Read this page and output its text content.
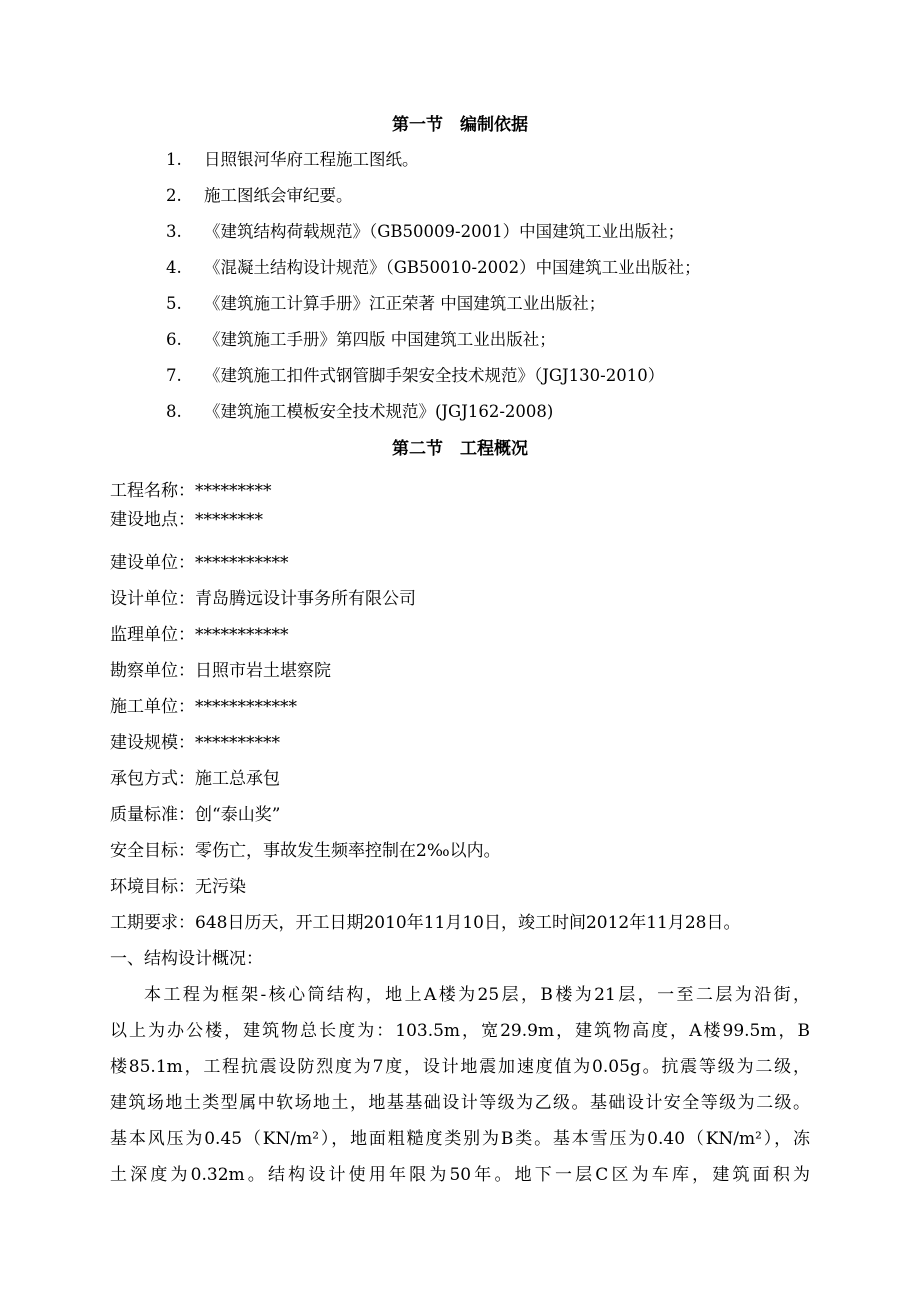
第一节　编制依据
1. 日照银河华府工程施工图纸。
2. 施工图纸会审纪要。
3. 《建筑结构荷载规范》（GB50009-2001）中国建筑工业出版社；
4. 《混凝土结构设计规范》（GB50010-2002）中国建筑工业出版社；
5. 《建筑施工计算手册》江正荣著 中国建筑工业出版社；
6. 《建筑施工手册》第四版 中国建筑工业出版社；
7. 《建筑施工扣件式钢管脚手架安全技术规范》（JGJ130-2010）
8. 《建筑施工模板安全技术规范》(JGJ162-2008)
第二节　工程概况
工程名称：*********
建设地点：********
建设单位：***********
设计单位：青岛腾远设计事务所有限公司
监理单位：***********
勘察单位：日照市岩土堪察院
施工单位：************
建设规模：**********
承包方式：施工总承包
质量标准：创“泰山奖”
安全目标：零伤亡，事故发生频率控制在2‰以内。
环境目标：无污染
工期要求：648日历天，开工日期2010年11月10日，竣工时间2012年11月28日。
一、结构设计概况：
本工程为框架-核心筒结构，地上A楼为25层，B楼为21层，一至二层为沿街，
以上为办公楼，建筑物总长度为：103.5m，宽29.9m，建筑物高度，A楼99.5m，B
楼85.1m，工程抗震设防烈度为7度，设计地震加速度值为0.05g。抗震等级为二级，
建筑场地土类型属中软场地土，地基基础设计等级为乙级。基础设计安全等级为二级。
基本风压为0.45（KN/m²），地面粗糙度类别为B类。基本雪压为0.40（KN/m²），冻
土深度为0.32m。结构设计使用年限为50年。地下一层C区为车库，建筑面积为
